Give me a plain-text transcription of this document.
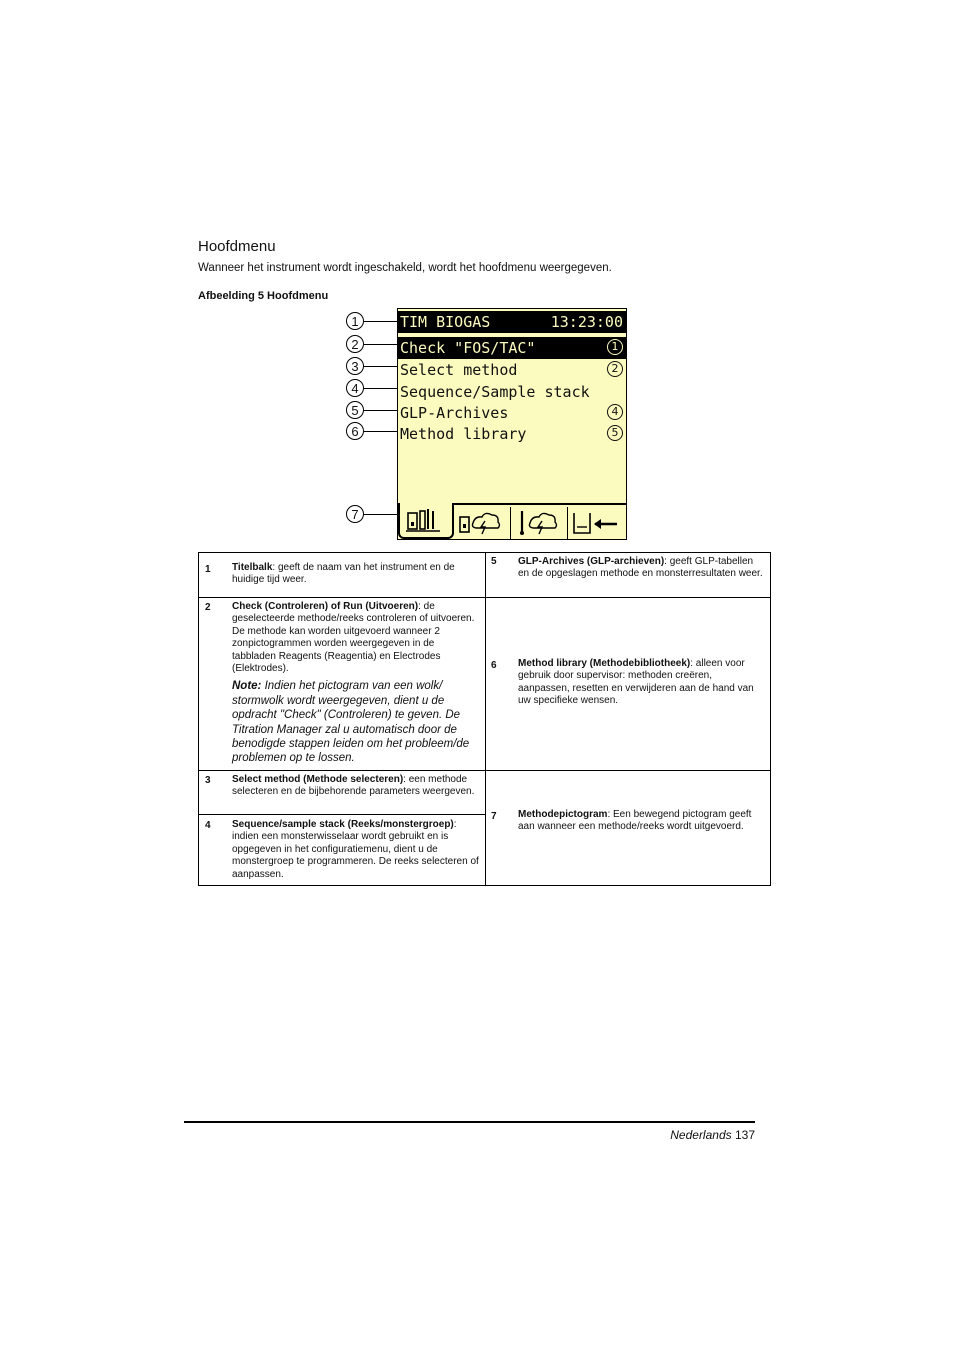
Hoofdmenu
Wanneer het instrument wordt ingeschakeld, wordt het hoofdmenu weergegeven.
Afbeelding 5 Hoofdmenu
1
2
3
4
5
6
7
TIM BIOGAS	13:23:00
Check "FOS/TAC"	1
Select method	2
Sequence/Sample stack
GLP-Archives	4
Method library	5
1 Titelbalk: geeft de naam van het instrument en de huidige tijd weer.
2 Check (Controleren) of Run (Uitvoeren): de geselecteerde methode/reeks controleren of uitvoeren. De methode kan worden uitgevoerd wanneer 2 zonpictogrammen worden weergegeven in de tabbladen Reagents (Reagentia) en Electrodes (Elektrodes).
Note: Indien het pictogram van een wolk/ stormwolk wordt weergegeven, dient u de opdracht "Check" (Controleren) te geven. De Titration Manager zal u automatisch door de benodigde stappen leiden om het probleem/de problemen op te lossen.
3 Select method (Methode selecteren): een methode selecteren en de bijbehorende parameters weergeven.
4 Sequence/sample stack (Reeks/monstergroep): indien een monsterwisselaar wordt gebruikt en is opgegeven in het configuratiemenu, dient u de monstergroep te programmeren. De reeks selecteren of aanpassen.
5 GLP-Archives (GLP-archieven): geeft GLP-tabellen en de opgeslagen methode en monsterresultaten weer.
6 Method library (Methodebibliotheek): alleen voor gebruik door supervisor: methoden creëren, aanpassen, resetten en verwijderen aan de hand van uw specifieke wensen.
7 Methodepictogram: Een bewegend pictogram geeft aan wanneer een methode/reeks wordt uitgevoerd.
Nederlands 137
